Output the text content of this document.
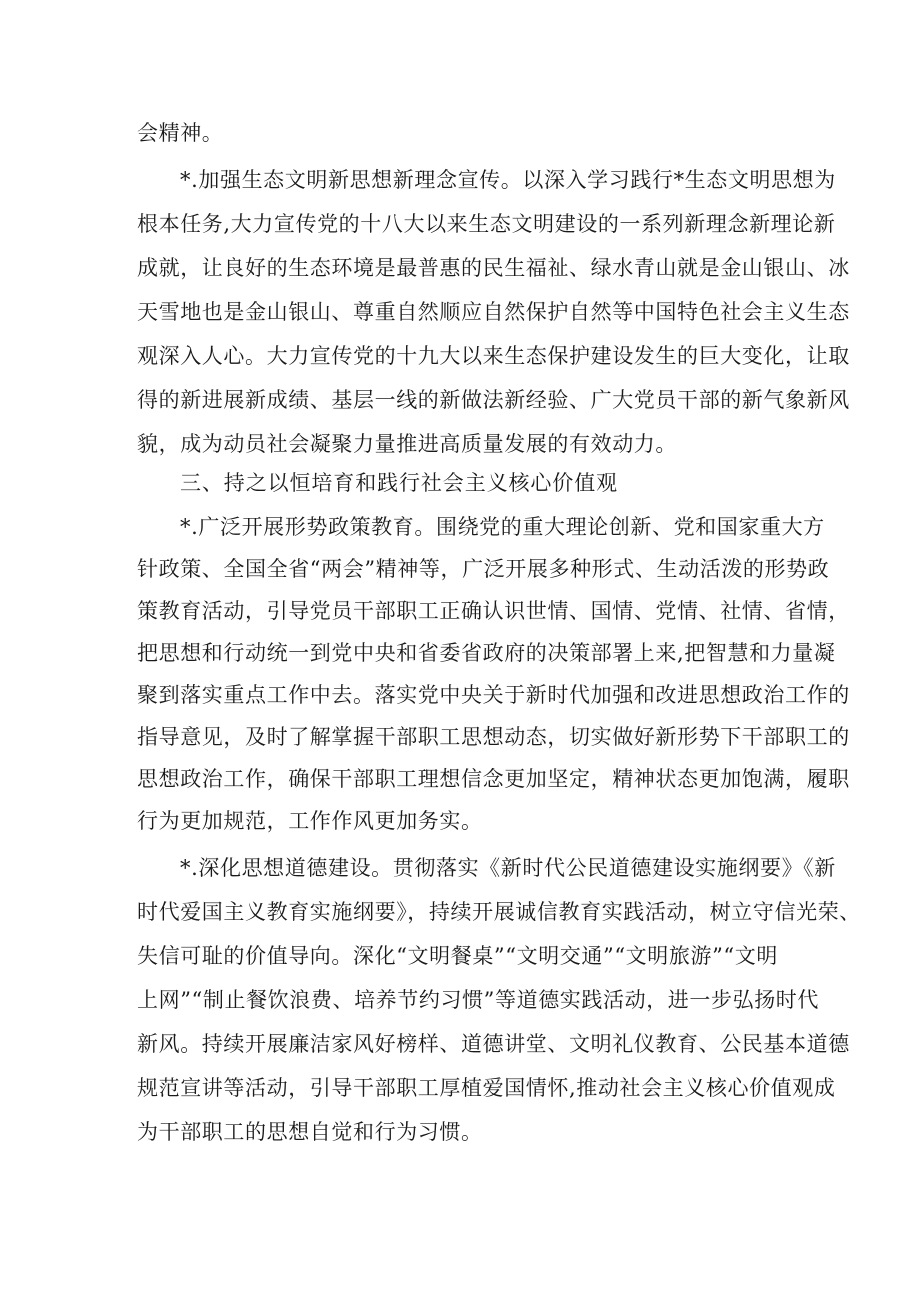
会精神。

*.加强生态文明新思想新理念宣传。以深入学习践行*生态文明思想为

根本任务,大力宣传党的十八大以来生态文明建设的一系列新理念新理论新

成就，让良好的生态环境是最普惠的民生福祉、绿水青山就是金山银山、冰

天雪地也是金山银山、尊重自然顺应自然保护自然等中国特色社会主义生态

观深入人心。大力宣传党的十九大以来生态保护建设发生的巨大变化，让取

得的新进展新成绩、基层一线的新做法新经验、广大党员干部的新气象新风

貌，成为动员社会凝聚力量推进高质量发展的有效动力。

三、持之以恒培育和践行社会主义核心价值观

*.广泛开展形势政策教育。围绕党的重大理论创新、党和国家重大方

针政策、全国全省“两会”精神等，广泛开展多种形式、生动活泼的形势政

策教育活动，引导党员干部职工正确认识世情、国情、党情、社情、省情，

把思想和行动统一到党中央和省委省政府的决策部署上来,把智慧和力量凝

聚到落实重点工作中去。落实党中央关于新时代加强和改进思想政治工作的

指导意见，及时了解掌握干部职工思想动态，切实做好新形势下干部职工的

思想政治工作，确保干部职工理想信念更加坚定，精神状态更加饱满，履职

行为更加规范，工作作风更加务实。

*.深化思想道德建设。贯彻落实《新时代公民道德建设实施纲要》《新

时代爱国主义教育实施纲要》，持续开展诚信教育实践活动，树立守信光荣、

失信可耻的价值导向。深化“文明餐桌”“文明交通”“文明旅游”“文明

上网”“制止餐饮浪费、培养节约习惯”等道德实践活动，进一步弘扬时代

新风。持续开展廉洁家风好榜样、道德讲堂、文明礼仪教育、公民基本道德

规范宣讲等活动，引导干部职工厚植爱国情怀,推动社会主义核心价值观成

为干部职工的思想自觉和行为习惯。
